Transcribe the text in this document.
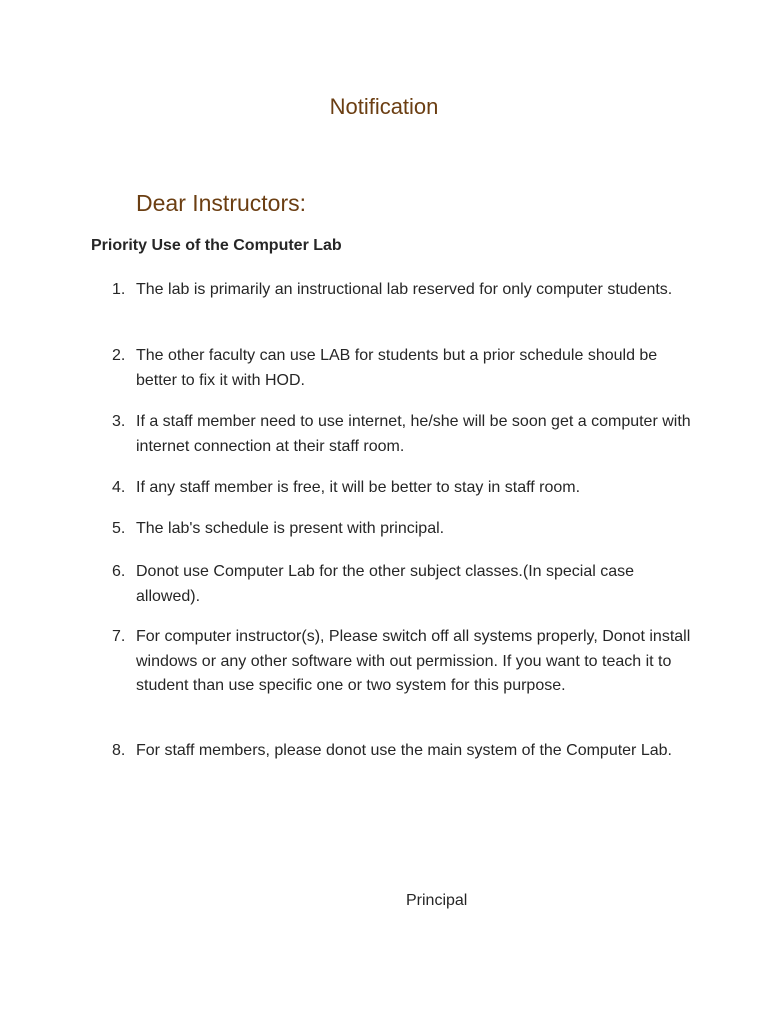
Notification
Dear Instructors:
Priority Use of the Computer Lab
1. The lab is primarily an instructional lab reserved for only computer students.
2. The other faculty can use LAB for students but a prior schedule should be better to fix it with HOD.
3. If a staff member need to use internet, he/she will be soon get a computer with internet connection at their staff room.
4. If any staff member is free, it will be better to stay in staff room.
5. The lab's schedule is present with principal.
6. Donot use Computer Lab for the other subject classes.(In special case allowed).
7. For computer instructor(s), Please switch off all systems properly, Donot install windows or any other software with out permission. If you want to teach it to student than use specific one or two system for this purpose.
8. For staff members, please donot use the main system of the Computer Lab.
Principal
